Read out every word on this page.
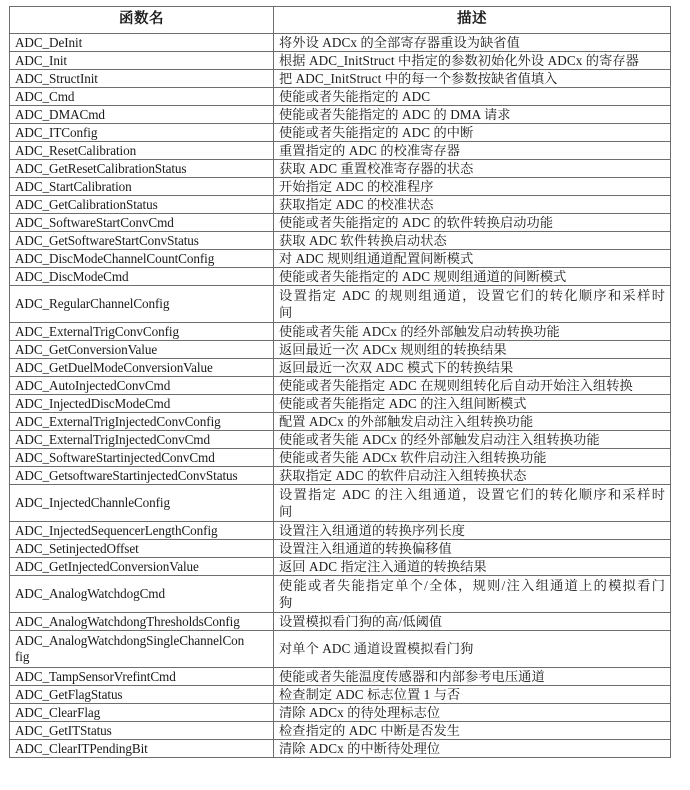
函数名	描述
ADC_DeInit	将外设 ADCx 的全部寄存器重设为缺省值
ADC_Init	根据 ADC_InitStruct 中指定的参数初始化外设 ADCx 的寄存器
ADC_StructInit	把 ADC_InitStruct 中的每一个参数按缺省值填入
ADC_Cmd	使能或者失能指定的 ADC
ADC_DMACmd	使能或者失能指定的 ADC 的 DMA 请求
ADC_ITConfig	使能或者失能指定的 ADC 的中断
ADC_ResetCalibration	重置指定的 ADC 的校准寄存器
ADC_GetResetCalibrationStatus	获取 ADC 重置校准寄存器的状态
ADC_StartCalibration	开始指定 ADC 的校准程序
ADC_GetCalibrationStatus	获取指定 ADC 的校准状态
ADC_SoftwareStartConvCmd	使能或者失能指定的 ADC 的软件转换启动功能
ADC_GetSoftwareStartConvStatus	获取 ADC 软件转换启动状态
ADC_DiscModeChannelCountConfig	对 ADC 规则组通道配置间断模式
ADC_DiscModeCmd	使能或者失能指定的 ADC 规则组通道的间断模式
ADC_RegularChannelConfig	设置指定 ADC 的规则组通道，设置它们的转化顺序和采样时
间

ADC_ExternalTrigConvConfig	使能或者失能 ADCx 的经外部触发启动转换功能
ADC_GetConversionValue	返回最近一次 ADCx 规则组的转换结果
ADC_GetDuelModeConversionValue	返回最近一次双 ADC 模式下的转换结果
ADC_AutoInjectedConvCmd	使能或者失能指定 ADC 在规则组转化后自动开始注入组转换
ADC_InjectedDiscModeCmd	使能或者失能指定 ADC 的注入组间断模式
ADC_ExternalTrigInjectedConvConfig	配置 ADCx 的外部触发启动注入组转换功能
ADC_ExternalTrigInjectedConvCmd	使能或者失能 ADCx 的经外部触发启动注入组转换功能
ADC_SoftwareStartinjectedConvCmd	使能或者失能 ADCx 软件启动注入组转换功能
ADC_GetsoftwareStartinjectedConvStatus	获取指定 ADC 的软件启动注入组转换状态
ADC_InjectedChannleConfig	设置指定 ADC 的注入组通道，设置它们的转化顺序和采样时
间

ADC_InjectedSequencerLengthConfig	设置注入组通道的转换序列长度
ADC_SetinjectedOffset	设置注入组通道的转换偏移值
ADC_GetInjectedConversionValue	返回 ADC 指定注入通道的转换结果
ADC_AnalogWatchdogCmd	使能或者失能指定单个/全体，规则/注入组通道上的模拟看门
狗

ADC_AnalogWatchdongThresholdsConfig	设置模拟看门狗的高/低阈值

ADC_AnalogWatchdongSingleChannelCon
fig	对单个 ADC 通道设置模拟看门狗
ADC_TampSensorVrefintCmd	使能或者失能温度传感器和内部参考电压通道
ADC_GetFlagStatus	检查制定 ADC 标志位置 1 与否
ADC_ClearFlag	清除 ADCx 的待处理标志位
ADC_GetITStatus	检查指定的 ADC 中断是否发生
ADC_ClearITPendingBit	清除 ADCx 的中断待处理位
